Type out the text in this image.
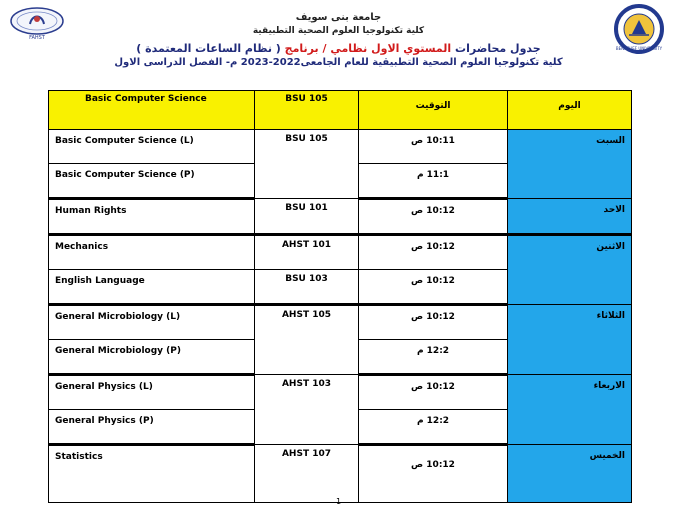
FAHST
BENI-SUEF UNIVERSITY
جامعة بنى سويف
كلية تكنولوجيا العلوم الصحية التطبيقية
جدول محاضرات المستوي الاول نظامي / برنامج ( نظام الساعات المعتمدة )
كلية تكنولوجيا العلوم الصحية التطبيقية للعام الجامعى2022-2023 م- الفصل الدراسى الاول
Basic Computer Science	BSU 105	التوقيت	اليوم
Basic Computer Science (L)	BSU 105	10:11 ص	السبت
Basic Computer Science (P)		11:1 م	
Human Rights	BSU 101	10:12 ص	الاحد
Mechanics	AHST 101	10:12 ص	الاثنين
English Language	BSU 103	10:12 ص	
General Microbiology (L)	AHST 105	10:12 ص	الثلاثاء
General Microbiology (P)		12:2 م	
General Physics (L)	AHST 103	10:12 ص	الاربعاء
General Physics (P)		12:2 م	
Statistics	AHST 107	10:12 ص	الخميس
1
